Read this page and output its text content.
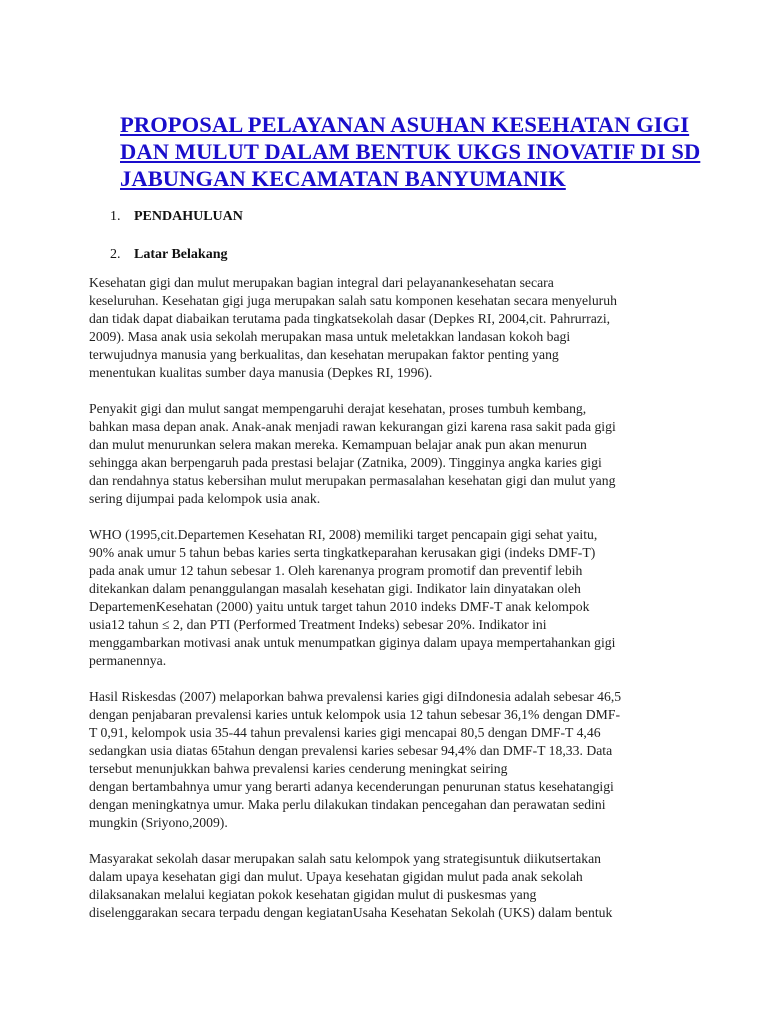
PROPOSAL PELAYANAN ASUHAN KESEHATAN GIGI DAN MULUT DALAM BENTUK UKGS INOVATIF DI SD JABUNGAN KECAMATAN BANYUMANIK
1. PENDAHULUAN
2. Latar Belakang

Kesehatan gigi dan mulut merupakan bagian integral dari pelayanankesehatan secara
keseluruhan. Kesehatan gigi juga merupakan salah satu komponen kesehatan secara menyeluruh
dan tidak dapat diabaikan terutama pada tingkatsekolah dasar (Depkes RI, 2004,cit. Pahrurrazi,
2009). Masa anak usia sekolah merupakan masa untuk meletakkan landasan kokoh bagi
terwujudnya manusia yang berkualitas, dan kesehatan merupakan faktor penting yang
menentukan kualitas sumber daya manusia (Depkes RI, 1996).

Penyakit gigi dan mulut sangat mempengaruhi derajat kesehatan, proses tumbuh kembang,
bahkan masa depan anak. Anak-anak menjadi rawan kekurangan gizi karena rasa sakit pada gigi
dan mulut menurunkan selera makan mereka. Kemampuan belajar anak pun akan menurun
sehingga akan berpengaruh pada prestasi belajar (Zatnika, 2009). Tingginya angka karies gigi
dan rendahnya status kebersihan mulut merupakan permasalahan kesehatan gigi dan mulut yang
sering dijumpai pada kelompok usia anak.

WHO (1995,cit.Departemen Kesehatan RI, 2008) memiliki target pencapain gigi sehat yaitu,
90% anak umur 5 tahun bebas karies serta tingkatkeparahan kerusakan gigi (indeks DMF-T)
pada anak umur 12 tahun sebesar 1. Oleh karenanya program promotif dan preventif lebih
ditekankan dalam penanggulangan masalah kesehatan gigi. Indikator lain dinyatakan oleh
DepartemenKesehatan (2000) yaitu untuk target tahun 2010 indeks DMF-T anak kelompok
usia12 tahun ≤ 2, dan PTI (Performed Treatment Indeks) sebesar 20%. Indikator ini
menggambarkan motivasi anak untuk menumpatkan giginya dalam upaya mempertahankan gigi
permanennya.

Hasil Riskesdas (2007) melaporkan bahwa prevalensi karies gigi diIndonesia adalah sebesar 46,5
dengan penjabaran prevalensi karies untuk kelompok usia 12 tahun sebesar 36,1% dengan DMF-
T 0,91, kelompok usia 35-44 tahun prevalensi karies gigi mencapai 80,5 dengan DMF-T 4,46
sedangkan usia diatas 65tahun dengan prevalensi karies sebesar 94,4% dan DMF-T 18,33. Data
tersebut menunjukkan bahwa prevalensi karies cenderung meningkat seiring
dengan bertambahnya umur yang berarti adanya kecenderungan penurunan status kesehatangigi
dengan meningkatnya umur. Maka perlu dilakukan tindakan pencegahan dan perawatan sedini
mungkin (Sriyono,2009).

Masyarakat sekolah dasar merupakan salah satu kelompok yang strategisuntuk diikutsertakan
dalam upaya kesehatan gigi dan mulut. Upaya kesehatan gigidan mulut pada anak sekolah
dilaksanakan melalui kegiatan pokok kesehatan gigidan mulut di puskesmas yang
diselenggarakan secara terpadu dengan kegiatanUsaha Kesehatan Sekolah (UKS) dalam bentuk
